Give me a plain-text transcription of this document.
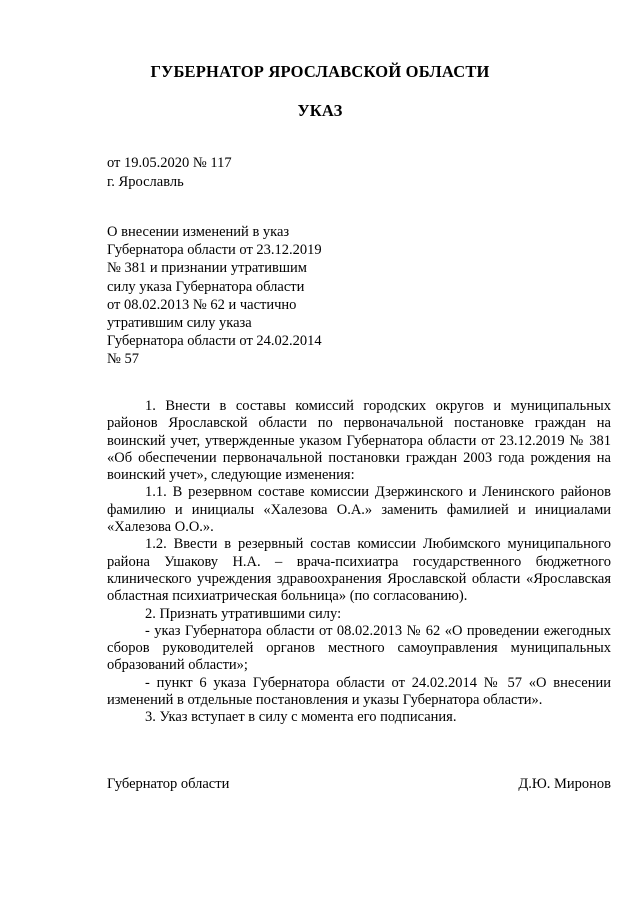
ГУБЕРНАТОР ЯРОСЛАВСКОЙ ОБЛАСТИ
УКАЗ
от 19.05.2020 № 117
г. Ярославль
О внесении изменений в указ
Губернатора области от 23.12.2019
№ 381 и признании утратившим
силу указа Губернатора области
от 08.02.2013 № 62 и частично
утратившим силу указа
Губернатора области от 24.02.2014
№ 57

1. Внести в составы комиссий городских округов и муниципальных районов Ярославской области по первоначальной постановке граждан на воинский учет, утвержденные указом Губернатора области от 23.12.2019 № 381 «Об обеспечении первоначальной постановки граждан 2003 года рождения на воинский учет», следующие изменения:

1.1. В резервном составе комиссии Дзержинского и Ленинского районов фамилию и инициалы «Халезова О.А.» заменить фамилией и инициалами «Халезова О.О.».

1.2. Ввести в резервный состав комиссии Любимского муниципального района Ушакову Н.А. – врача-психиатра государственного бюджетного клинического учреждения здравоохранения Ярославской области «Ярославская областная психиатрическая больница» (по согласованию).

2. Признать утратившими силу:

- указ Губернатора области от 08.02.2013 № 62 «О проведении ежегодных сборов руководителей органов местного самоуправления муниципальных образований области»;

- пункт 6 указа Губернатора области от 24.02.2014 № 57 «О внесении изменений в отдельные постановления и указы Губернатора области».

3. Указ вступает в силу с момента его подписания.

Губернатор области	Д.Ю. Миронов
